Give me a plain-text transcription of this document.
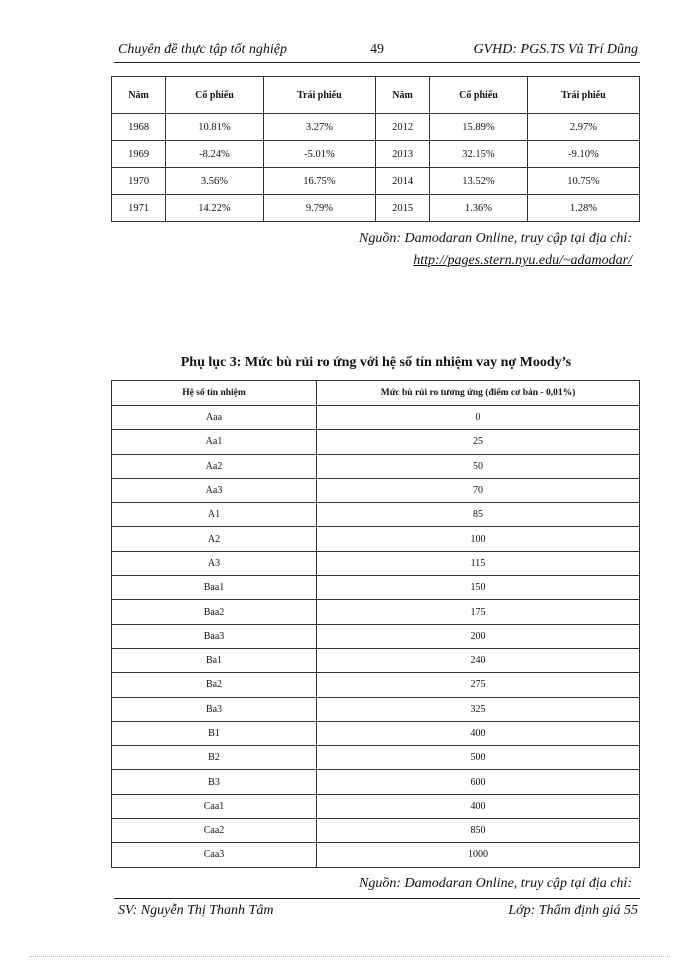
Chuyên đề thực tập tốt nghiệp	49	GVHD: PGS.TS Vũ Trí Dũng
Năm	Cổ phiếu	Trái phiếu	Năm	Cổ phiếu	Trái phiếu
1968	10.81%	3.27%	2012	15.89%	2.97%
1969	-8.24%	-5.01%	2013	32.15%	-9.10%
1970	3.56%	16.75%	2014	13.52%	10.75%
1971	14.22%	9.79%	2015	1.36%	1.28%
Nguồn: Damodaran Online, truy cập tại địa chỉ:
http://pages.stern.nyu.edu/~adamodar/
Phụ lục 3: Mức bù rủi ro ứng với hệ số tín nhiệm vay nợ Moody’s
Hệ số tín nhiệm	Mức bù rủi ro tương ứng (điểm cơ bản - 0,01%)
Aaa	0
Aa1	25
Aa2	50
Aa3	70
A1	85
A2	100
A3	115
Baa1	150
Baa2	175
Baa3	200
Ba1	240
Ba2	275
Ba3	325
B1	400
B2	500
B3	600
Caa1	400
Caa2	850
Caa3	1000
Nguồn: Damodaran Online, truy cập tại địa chỉ:
SV: Nguyễn Thị Thanh Tâm	Lớp: Thẩm định giá 55
